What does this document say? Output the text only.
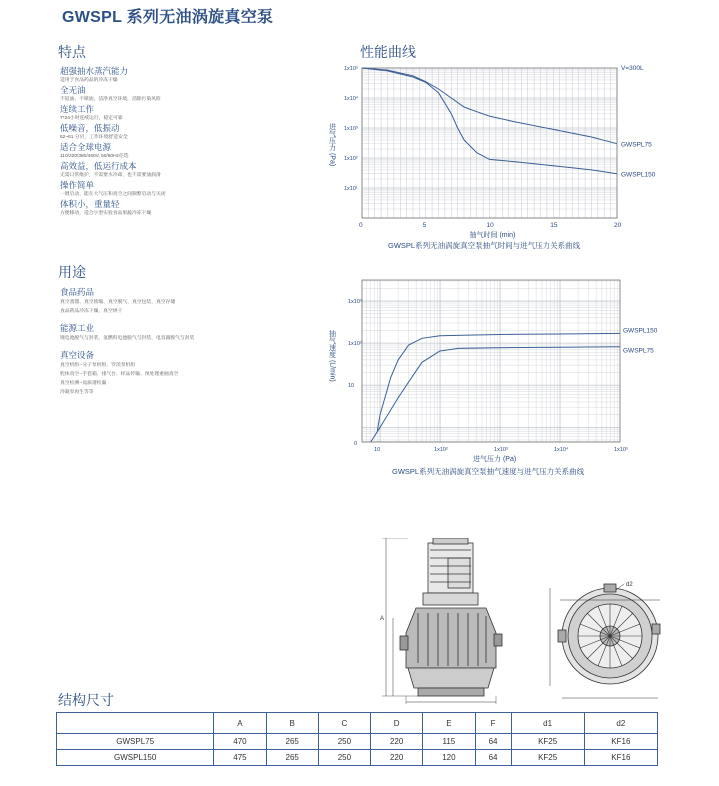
GWSPL 系列无油涡旋真空泵
特点
超强抽水蒸汽能力
适用于食品药品的冷冻干燥
全无油
不返油、不喷油，洁净真空环境，消除污染风险
连续工作
7*24小时连续运行，稳定可靠
低噪音，低振动
52~61 分贝，工作环境舒适安全
适合全球电源
110/220/380/460V, 50/60Hz任选
高效益，低运行成本
无需日常维护，不需要水冷却，也不需要油润滑
操作简单
一键启动，能在大气压和真空之间频繁启动与关闭
体积小，重量轻
方便移动，适合小型实验食品果蔬冷冻干燥
用途
食品药品
真空蒸馏、真空浓缩、真空脱气、真空包装、真空存储
食品药品冷冻干燥、真空烘干
能源工业
锂电池脱气与封装、氢燃料电池脱气与封装、电容器脱气与封装
真空设备
真空机组--分子泵机组、罗茨泵机组
腔体真空--手套箱、排气台、样品传输、预处理重抽真空
真空检测--氦质谱检漏
冷凝泵再生等等
性能曲线
GWSPL75
GWSPL150
0	5	10	15	20
1x10⁵
1x10⁴
1x10³
1x10²
1x10¹
V=300L
抽气时间 (min)
进气压力 (Pa)
GWSPL系列无油涡旋真空泵抽气时间与进气压力关系曲线
GWSPL150
GWSPL75
10	1x10²	1x10³	1x10⁴	1x10⁵
1x10³
1x10²
10
0
进气压力 (Pa)
抽气速度 (L/min)
GWSPL系列无油涡旋真空泵抽气速度与进气压力关系曲线
A
d2
结构尺寸
	A	B	C	D	E	F	d1	d2
GWSPL75	470	265	250	220	115	64	KF25	KF16
GWSPL150	475	265	250	220	120	64	KF25	KF16
